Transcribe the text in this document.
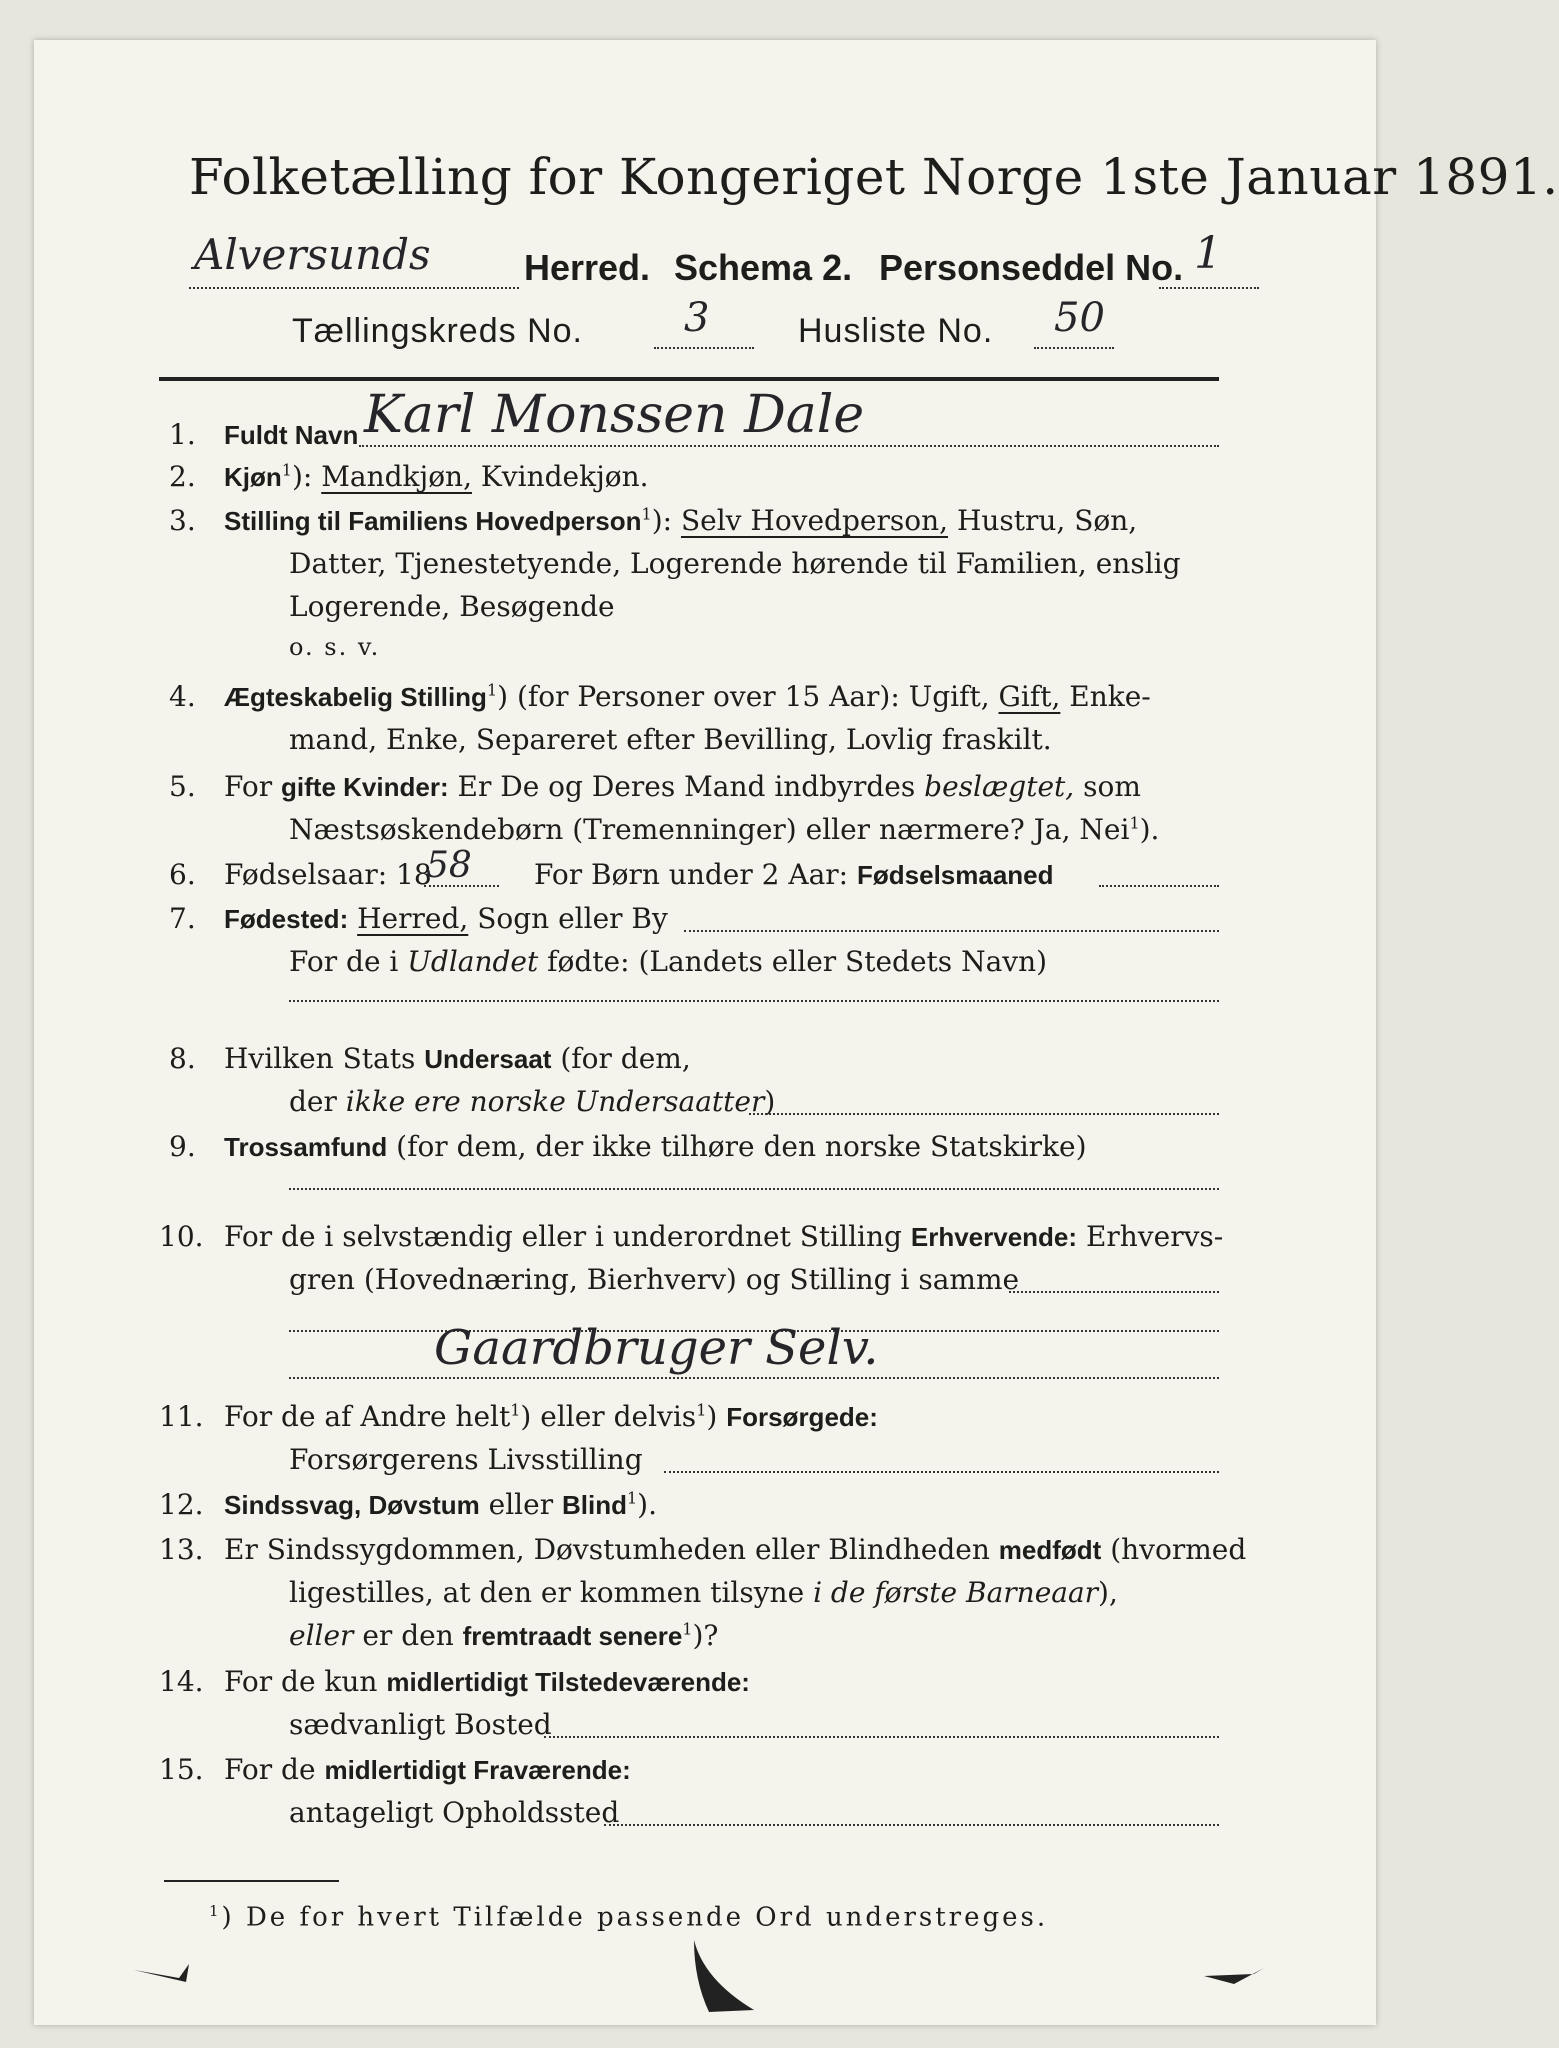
Folketælling for Kongeriget Norge 1ste Januar 1891.
Alversunds	Herred. Schema 2. Personseddel No. 1
Tællingskreds No.	3	Husliste No. 50
1. Fuldt Navn Karl Monssen Dale
2. Kjøn$^1$): Mandkjøn, Kvindekjøn.
3. Stilling til Familiens Hovedperson$^1$): Selv Hovedperson, Hustru, Søn,
Datter, Tjenestetyende, Logerende hørende til Familien, enslig
Logerende, Besøgende
o. s. v.
4. Ægteskabelig Stilling$^1$) (for Personer over 15 Aar): Ugift, Gift, Enke-
mand, Enke, Separeret efter Bevilling, Lovlig fraskilt.
5. For gifte Kvinder: Er De og Deres Mand indbyrdes beslægtet, som
Næstsøskendebørn (Tremenninger) eller nærmere? Ja, Nei$^1$).
6. Fødselsaar: 18
58 For Børn under 2 Aar: Fødselsmaaned
7. Fødested: Herred, Sogn eller By
For de i Udlandet fødte: (Landets eller Stedets Navn)
8. Hvilken Stats Undersaat (for dem,
der ikke ere norske Undersaatter)
9. Trossamfund (for dem, der ikke tilhøre den norske Statskirke)
10. For de i selvstændig eller i underordnet Stilling Erhvervende: Erhvervs-
gren (Hovednæring, Bierhverv) og Stilling i samme
Gaardbruger Selv.
11. For de af Andre helt$^1$) eller delvis$^1$) Forsørgede:
Forsørgerens Livsstilling
12. Sindssvag, Døvstum eller Blind$^1$).
13. Er Sindssygdommen, Døvstumheden eller Blindheden medfødt (hvormed
ligestilles, at den er kommen tilsyne i de første Barneaar),
eller er den fremtraadt senere$^1$)?
14. For de kun midlertidigt Tilstedeværende:
sædvanligt Bosted
15. For de midlertidigt Fraværende:
antageligt Opholdssted
$^1$) De for hvert Tilfælde passende Ord understreges.
